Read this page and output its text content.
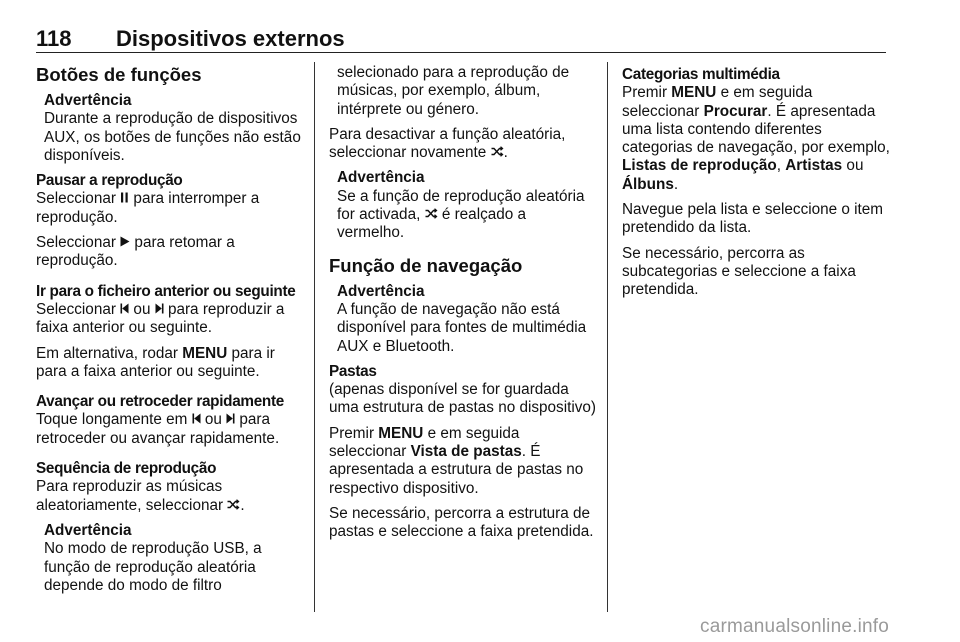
118 Dispositivos externos
Botões de funções
Advertência
Durante a reprodução de dispositivos AUX, os botões de funções não estão disponíveis.
Pausar a reprodução

Seleccionar  para interromper a reprodução.

Seleccionar  para retomar a reprodução.

Ir para o ficheiro anterior ou seguinte

Seleccionar  ou  para reproduzir a faixa anterior ou seguinte.

Em alternativa, rodar MENU para ir para a faixa anterior ou seguinte.

Avançar ou retroceder rapidamente

Toque longamente em  ou  para retroceder ou avançar rapidamente.

Sequência de reprodução

Para reproduzir as músicas aleatoriamente, seleccionar .

Advertência
No modo de reprodução USB, a função de reprodução aleatória depende do modo de filtro
selecionado para a reprodução de músicas, por exemplo, álbum, intérprete ou género.

Para desactivar a função aleatória, seleccionar novamente .

Advertência
Se a função de reprodução aleatória for activada,  é realçado a vermelho.
Função de navegação
Advertência
A função de navegação não está disponível para fontes de multimédia AUX e Bluetooth.
Pastas

(apenas disponível se for guardada uma estrutura de pastas no dispositivo)

Premir MENU e em seguida seleccionar Vista de pastas. É apresentada a estrutura de pastas no respectivo dispositivo.

Se necessário, percorra a estrutura de pastas e seleccione a faixa pretendida.

Categorias multimédia

Premir MENU e em seguida seleccionar Procurar. É apresentada uma lista contendo diferentes categorias de navegação, por exemplo, Listas de reprodução, Artistas ou Álbuns.

Navegue pela lista e seleccione o item pretendido da lista.

Se necessário, percorra as subcategorias e seleccione a faixa pretendida.

carmanualsonline.info
